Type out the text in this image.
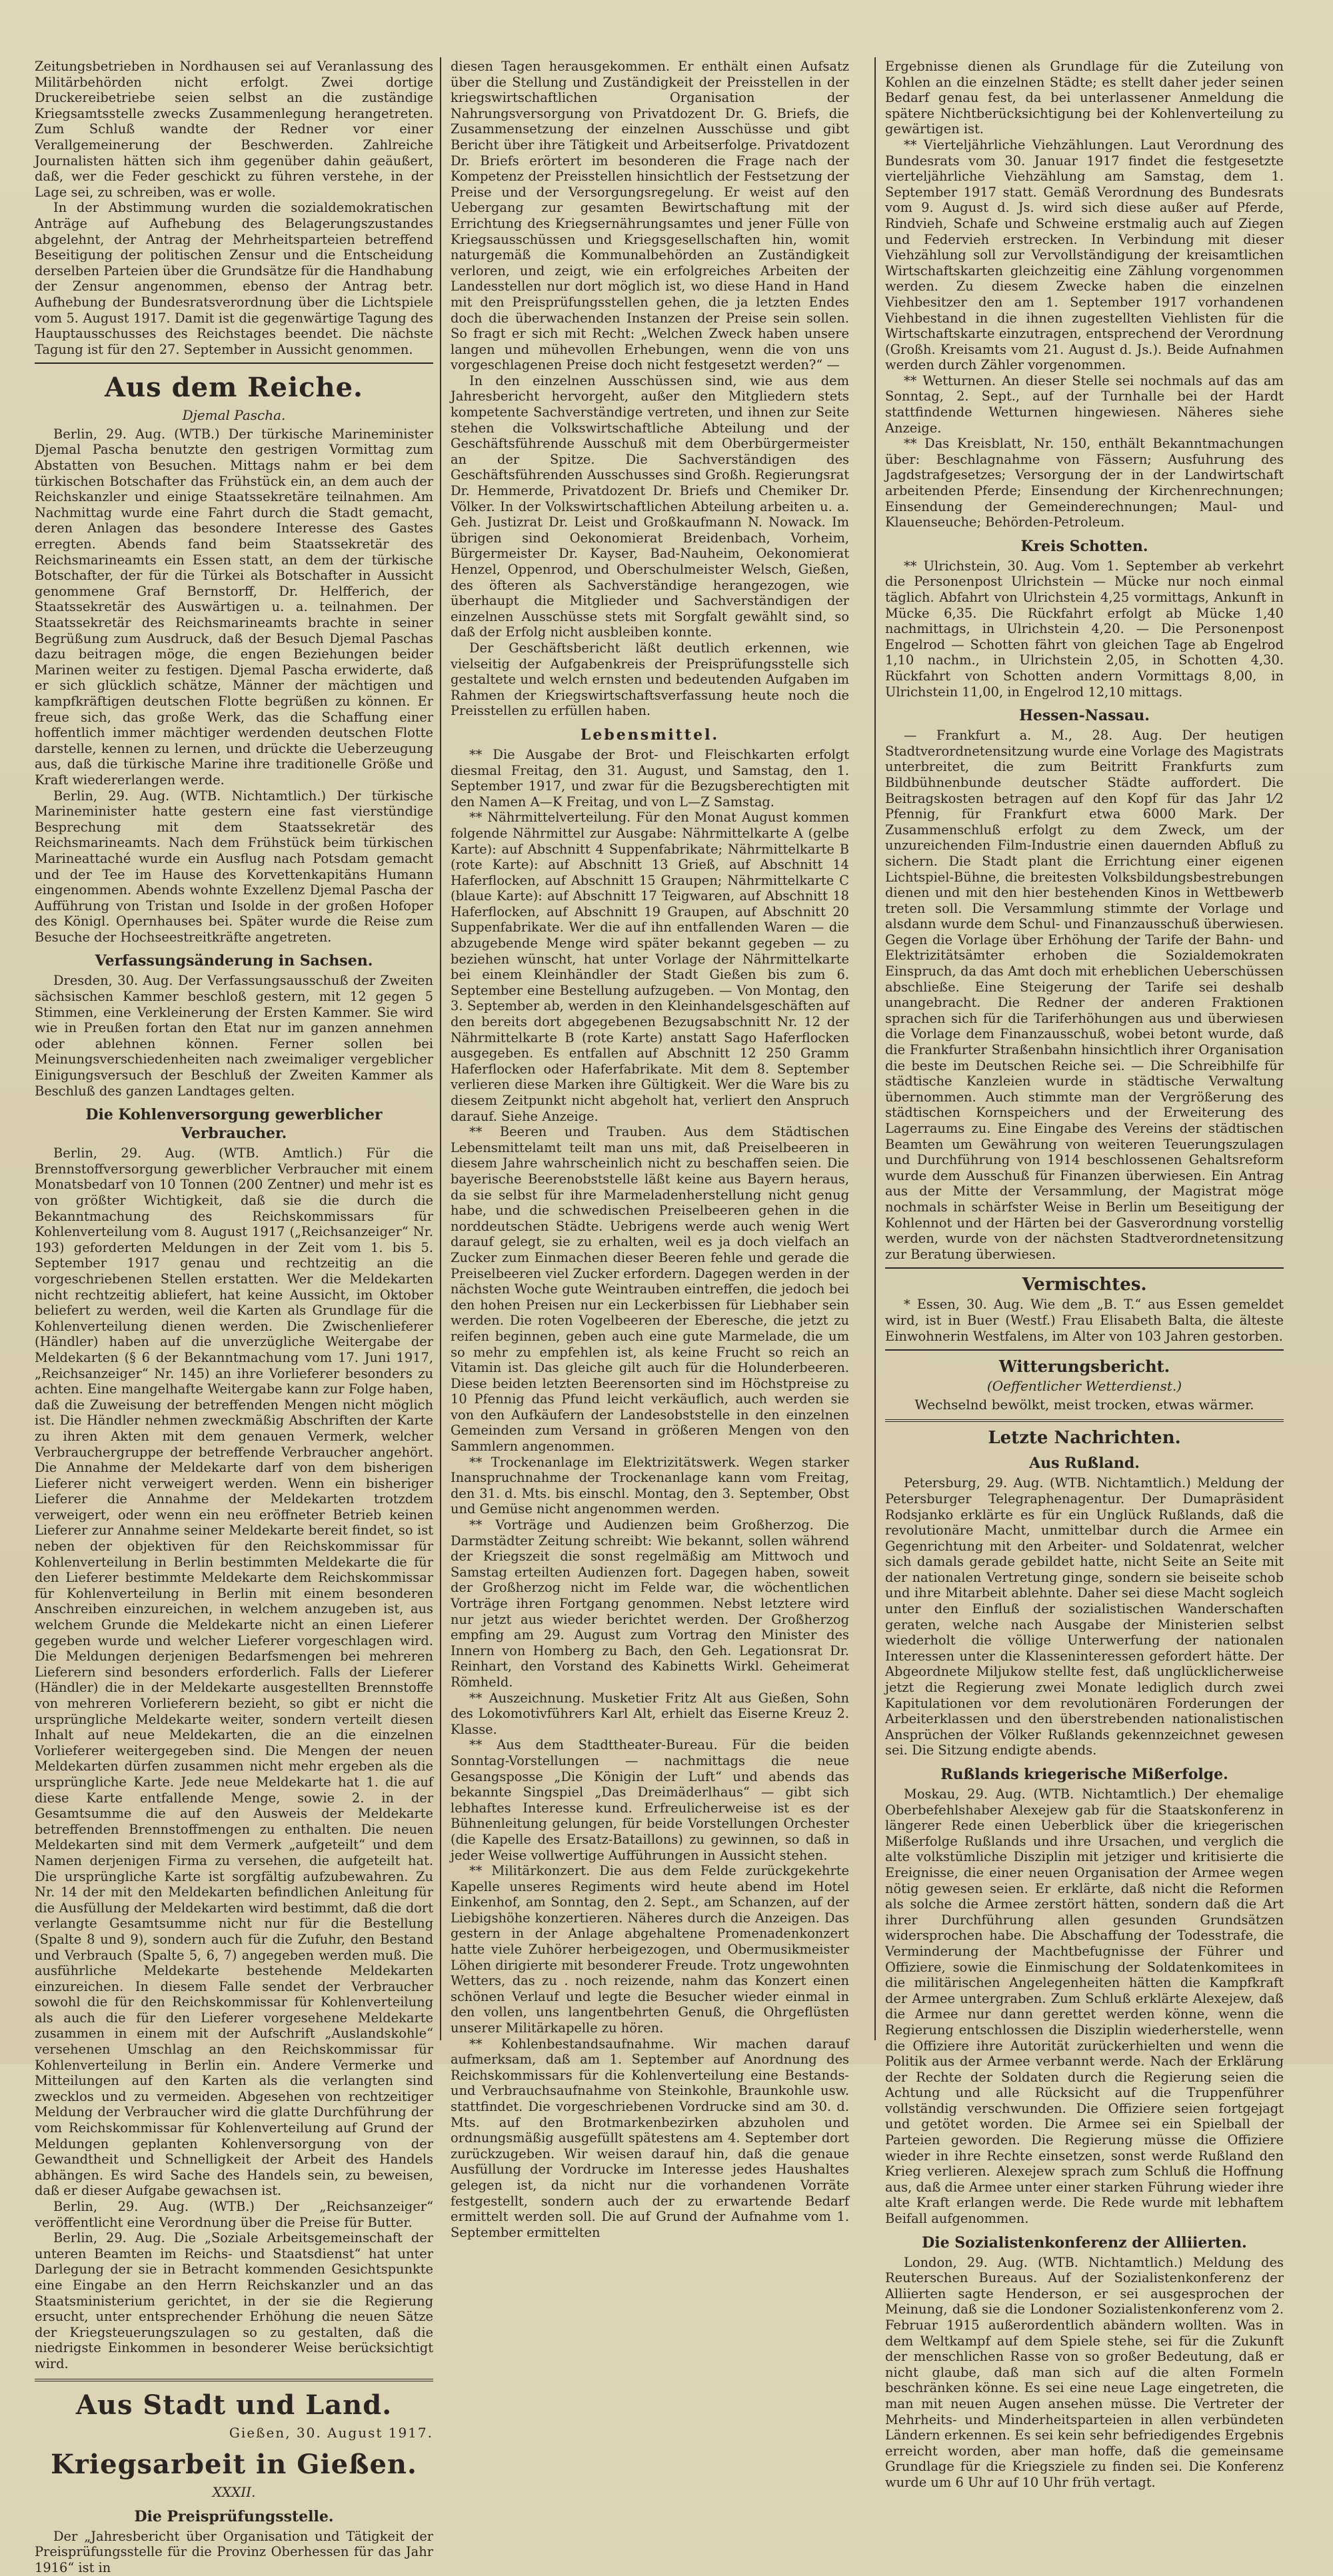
Zeitungsbetrieben in Nordhausen sei auf Veranlassung des Militärbehörden nicht erfolgt. Zwei dortige Druckereibetriebe seien selbst an die zuständige Kriegsamtsstelle zwecks Zusammenlegung herangetreten. Zum Schluß wandte der Redner vor einer Verallgemeinerung der Beschwerden. Zahlreiche Journalisten hätten sich ihm gegenüber dahin geäußert, daß, wer die Feder geschickt zu führen verstehe, in der Lage sei, zu schreiben, was er wolle.

In der Abstimmung wurden die sozialdemokratischen Anträge auf Aufhebung des Belagerungszustandes abgelehnt, der Antrag der Mehrheitsparteien betreffend Beseitigung der politischen Zensur und die Entscheidung derselben Parteien über die Grundsätze für die Handhabung der Zensur angenommen, ebenso der Antrag betr. Aufhebung der Bundesratsverordnung über die Lichtspiele vom 5. August 1917. Damit ist die gegenwärtige Tagung des Hauptausschusses des Reichstages beendet. Die nächste Tagung ist für den 27. September in Aussicht genommen.

Aus dem Reiche.
Djemal Pascha.

Berlin, 29. Aug. (WTB.) Der türkische Marineminister Djemal Pascha benutzte den gestrigen Vormittag zum Abstatten von Besuchen. Mittags nahm er bei dem türkischen Botschafter das Frühstück ein, an dem auch der Reichskanzler und einige Staatssekretäre teilnahmen. Am Nachmittag wurde eine Fahrt durch die Stadt gemacht, deren Anlagen das besondere Interesse des Gastes erregten. Abends fand beim Staatssekretär des Reichsmarineamts ein Essen statt, an dem der türkische Botschafter, der für die Türkei als Botschafter in Aussicht genommene Graf Bernstorff, Dr. Helfferich, der Staatssekretär des Auswärtigen u. a. teilnahmen. Der Staatssekretär des Reichsmarineamts brachte in seiner Begrüßung zum Ausdruck, daß der Besuch Djemal Paschas dazu beitragen möge, die engen Beziehungen beider Marinen weiter zu festigen. Djemal Pascha erwiderte, daß er sich glücklich schätze, Männer der mächtigen und kampfkräftigen deutschen Flotte begrüßen zu können. Er freue sich, das große Werk, das die Schaffung einer hoffentlich immer mächtiger werdenden deutschen Flotte darstelle, kennen zu lernen, und drückte die Ueberzeugung aus, daß die türkische Marine ihre traditionelle Größe und Kraft wiedererlangen werde.

Berlin, 29. Aug. (WTB. Nichtamtlich.) Der türkische Marineminister hatte gestern eine fast vierstündige Besprechung mit dem Staatssekretär des Reichsmarineamts. Nach dem Frühstück beim türkischen Marineattaché wurde ein Ausflug nach Potsdam gemacht und der Tee im Hause des Korvettenkapitäns Humann eingenommen. Abends wohnte Exzellenz Djemal Pascha der Aufführung von Tristan und Isolde in der großen Hofoper des Königl. Opernhauses bei. Später wurde die Reise zum Besuche der Hochseestreitkräfte angetreten.

Verfassungsänderung in Sachsen.

Dresden, 30. Aug. Der Verfassungsausschuß der Zweiten sächsischen Kammer beschloß gestern, mit 12 gegen 5 Stimmen, eine Verkleinerung der Ersten Kammer. Sie wird wie in Preußen fortan den Etat nur im ganzen annehmen oder ablehnen können. Ferner sollen bei Meinungsverschiedenheiten nach zweimaliger vergeblicher Einigungsversuch der Beschluß der Zweiten Kammer als Beschluß des ganzen Landtages gelten.

Die Kohlenversorgung gewerblicher Verbraucher.

Berlin, 29. Aug. (WTB. Amtlich.) Für die Brennstoffversorgung gewerblicher Verbraucher mit einem Monatsbedarf von 10 Tonnen (200 Zentner) und mehr ist es von größter Wichtigkeit, daß sie die durch die Bekanntmachung des Reichskommissars für Kohlenverteilung vom 8. August 1917 („Reichsanzeiger“ Nr. 193) geforderten Meldungen in der Zeit vom 1. bis 5. September 1917 genau und rechtzeitig an die vorgeschriebenen Stellen erstatten. Wer die Meldekarten nicht rechtzeitig abliefert, hat keine Aussicht, im Oktober beliefert zu werden, weil die Karten als Grundlage für die Kohlenverteilung dienen werden. Die Zwischenlieferer (Händler) haben auf die unverzügliche Weitergabe der Meldekarten (§ 6 der Bekanntmachung vom 17. Juni 1917, „Reichsanzeiger“ Nr. 145) an ihre Vorlieferer besonders zu achten. Eine mangelhafte Weitergabe kann zur Folge haben, daß die Zuweisung der betreffenden Mengen nicht möglich ist. Die Händler nehmen zweckmäßig Abschriften der Karte zu ihren Akten mit dem genauen Vermerk, welcher Verbrauchergruppe der betreffende Verbraucher angehört. Die Annahme der Meldekarte darf von dem bisherigen Lieferer nicht verweigert werden. Wenn ein bisheriger Lieferer die Annahme der Meldekarten trotzdem verweigert, oder wenn ein neu eröffneter Betrieb keinen Lieferer zur Annahme seiner Meldekarte bereit findet, so ist neben der objektiven für den Reichskommissar für Kohlenverteilung in Berlin bestimmten Meldekarte die für den Lieferer bestimmte Meldekarte dem Reichskommissar für Kohlenverteilung in Berlin mit einem besonderen Anschreiben einzureichen, in welchem anzugeben ist, aus welchem Grunde die Meldekarte nicht an einen Lieferer gegeben wurde und welcher Lieferer vorgeschlagen wird. Die Meldungen derjenigen Bedarfsmengen bei mehreren Lieferern sind besonders erforderlich. Falls der Lieferer (Händler) die in der Meldekarte ausgestellten Brennstoffe von mehreren Vorlieferern bezieht, so gibt er nicht die ursprüngliche Meldekarte weiter, sondern verteilt diesen Inhalt auf neue Meldekarten, die an die einzelnen Vorlieferer weitergegeben sind. Die Mengen der neuen Meldekarten dürfen zusammen nicht mehr ergeben als die ursprüngliche Karte. Jede neue Meldekarte hat 1. die auf diese Karte entfallende Menge, sowie 2. in der Gesamtsumme die auf den Ausweis der Meldekarte betreffenden Brennstoffmengen zu enthalten. Die neuen Meldekarten sind mit dem Vermerk „aufgeteilt“ und dem Namen derjenigen Firma zu versehen, die aufgeteilt hat. Die ursprüngliche Karte ist sorgfältig aufzubewahren. Zu Nr. 14 der mit den Meldekarten befindlichen Anleitung für die Ausfüllung der Meldekarten wird bestimmt, daß die dort verlangte Gesamtsumme nicht nur für die Bestellung (Spalte 8 und 9), sondern auch für die Zufuhr, den Bestand und Verbrauch (Spalte 5, 6, 7) angegeben werden muß. Die ausführliche Meldekarte bestehende Meldekarten einzureichen. In diesem Falle sendet der Verbraucher sowohl die für den Reichskommissar für Kohlenverteilung als auch die für den Lieferer vorgesehene Meldekarte zusammen in einem mit der Aufschrift „Auslandskohle“ versehenen Umschlag an den Reichskommissar für Kohlenverteilung in Berlin ein. Andere Vermerke und Mitteilungen auf den Karten als die verlangten sind zwecklos und zu vermeiden. Abgesehen von rechtzeitiger Meldung der Verbraucher wird die glatte Durchführung der vom Reichskommissar für Kohlenverteilung auf Grund der Meldungen geplanten Kohlenversorgung von der Gewandtheit und Schnelligkeit der Arbeit des Handels abhängen. Es wird Sache des Handels sein, zu beweisen, daß er dieser Aufgabe gewachsen ist.

Berlin, 29. Aug. (WTB.) Der „Reichsanzeiger“ veröffentlicht eine Verordnung über die Preise für Butter.

Berlin, 29. Aug. Die „Soziale Arbeitsgemeinschaft der unteren Beamten im Reichs- und Staatsdienst“ hat unter Darlegung der sie in Betracht kommenden Gesichtspunkte eine Eingabe an den Herrn Reichskanzler und an das Staatsministerium gerichtet, in der sie die Regierung ersucht, unter entsprechender Erhöhung die neuen Sätze der Kriegsteuerungszulagen so zu gestalten, daß die niedrigste Einkommen in besonderer Weise berücksichtigt wird.

Aus Stadt und Land.
Gießen, 30. August 1917.
Kriegsarbeit in Gießen.
XXXII.
Die Preisprüfungsstelle.

Der „Jahresbericht über Organisation und Tätigkeit der Preisprüfungsstelle für die Provinz Oberhessen für das Jahr 1916“ ist in

diesen Tagen herausgekommen. Er enthält einen Aufsatz über die Stellung und Zuständigkeit der Preisstellen in der kriegswirtschaftlichen Organisation der Nahrungsversorgung von Privatdozent Dr. G. Briefs, die Zusammensetzung der einzelnen Ausschüsse und gibt Bericht über ihre Tätigkeit und Arbeitserfolge. Privatdozent Dr. Briefs erörtert im besonderen die Frage nach der Kompetenz der Preisstellen hinsichtlich der Festsetzung der Preise und der Versorgungsregelung. Er weist auf den Uebergang zur gesamten Bewirtschaftung mit der Errichtung des Kriegsernährungsamtes und jener Fülle von Kriegsausschüssen und Kriegsgesellschaften hin, womit naturgemäß die Kommunalbehörden an Zuständigkeit verloren, und zeigt, wie ein erfolgreiches Arbeiten der Landesstellen nur dort möglich ist, wo diese Hand in Hand mit den Preisprüfungsstellen gehen, die ja letzten Endes doch die überwachenden Instanzen der Preise sein sollen. So fragt er sich mit Recht: „Welchen Zweck haben unsere langen und mühevollen Erhebungen, wenn die von uns vorgeschlagenen Preise doch nicht festgesetzt werden?“ —

In den einzelnen Ausschüssen sind, wie aus dem Jahresbericht hervorgeht, außer den Mitgliedern stets kompetente Sachverständige vertreten, und ihnen zur Seite stehen die Volkswirtschaftliche Abteilung und der Geschäftsführende Ausschuß mit dem Oberbürgermeister an der Spitze. Die Sachverständigen des Geschäftsführenden Ausschusses sind Großh. Regierungsrat Dr. Hemmerde, Privatdozent Dr. Briefs und Chemiker Dr. Völker. In der Volkswirtschaftlichen Abteilung arbeiten u. a. Geh. Justizrat Dr. Leist und Großkaufmann N. Nowack. Im übrigen sind Oekonomierat Breidenbach, Vorheim, Bürgermeister Dr. Kayser, Bad-Nauheim, Oekonomierat Henzel, Oppenrod, und Oberschulmeister Welsch, Gießen, des öfteren als Sachverständige herangezogen, wie überhaupt die Mitglieder und Sachverständigen der einzelnen Ausschüsse stets mit Sorgfalt gewählt sind, so daß der Erfolg nicht ausbleiben konnte.

Der Geschäftsbericht läßt deutlich erkennen, wie vielseitig der Aufgabenkreis der Preisprüfungsstelle sich gestaltete und welch ernsten und bedeutenden Aufgaben im Rahmen der Kriegswirtschaftsverfassung heute noch die Preisstellen zu erfüllen haben.

Lebensmittel.

** Die Ausgabe der Brot- und Fleischkarten erfolgt diesmal Freitag, den 31. August, und Samstag, den 1. September 1917, und zwar für die Bezugsberechtigten mit den Namen A—K Freitag, und von L—Z Samstag.

** Nährmittelverteilung. Für den Monat August kommen folgende Nährmittel zur Ausgabe: Nährmittelkarte A (gelbe Karte): auf Abschnitt 4 Suppenfabrikate; Nährmittelkarte B (rote Karte): auf Abschnitt 13 Grieß, auf Abschnitt 14 Haferflocken, auf Abschnitt 15 Graupen; Nährmittelkarte C (blaue Karte): auf Abschnitt 17 Teigwaren, auf Abschnitt 18 Haferflocken, auf Abschnitt 19 Graupen, auf Abschnitt 20 Suppenfabrikate. Wer die auf ihn entfallenden Waren — die abzugebende Menge wird später bekannt gegeben — zu beziehen wünscht, hat unter Vorlage der Nährmittelkarte bei einem Kleinhändler der Stadt Gießen bis zum 6. September eine Bestellung aufzugeben. — Von Montag, den 3. September ab, werden in den Kleinhandelsgeschäften auf den bereits dort abgegebenen Bezugsabschnitt Nr. 12 der Nährmittelkarte B (rote Karte) anstatt Sago Haferflocken ausgegeben. Es entfallen auf Abschnitt 12 250 Gramm Haferflocken oder Haferfabrikate. Mit dem 8. September verlieren diese Marken ihre Gültigkeit. Wer die Ware bis zu diesem Zeitpunkt nicht abgeholt hat, verliert den Anspruch darauf. Siehe Anzeige.

** Beeren und Trauben. Aus dem Städtischen Lebensmittelamt teilt man uns mit, daß Preiselbeeren in diesem Jahre wahrscheinlich nicht zu beschaffen seien. Die bayerische Beerenobststelle läßt keine aus Bayern heraus, da sie selbst für ihre Marmeladenherstellung nicht genug habe, und die schwedischen Preiselbeeren gehen in die norddeutschen Städte. Uebrigens werde auch wenig Wert darauf gelegt, sie zu erhalten, weil es ja doch vielfach an Zucker zum Einmachen dieser Beeren fehle und gerade die Preiselbeeren viel Zucker erfordern. Dagegen werden in der nächsten Woche gute Weintrauben eintreffen, die jedoch bei den hohen Preisen nur ein Leckerbissen für Liebhaber sein werden. Die roten Vogelbeeren der Eberesche, die jetzt zu reifen beginnen, geben auch eine gute Marmelade, die um so mehr zu empfehlen ist, als keine Frucht so reich an Vitamin ist. Das gleiche gilt auch für die Holunderbeeren. Diese beiden letzten Beerensorten sind im Höchstpreise zu 10 Pfennig das Pfund leicht verkäuflich, auch werden sie von den Aufkäufern der Landesobststelle in den einzelnen Gemeinden zum Versand in größeren Mengen von den Sammlern angenommen.

** Trockenanlage im Elektrizitätswerk. Wegen starker Inanspruchnahme der Trockenanlage kann vom Freitag, den 31. d. Mts. bis einschl. Montag, den 3. September, Obst und Gemüse nicht angenommen werden.

** Vorträge und Audienzen beim Großherzog. Die Darmstädter Zeitung schreibt: Wie bekannt, sollen während der Kriegszeit die sonst regelmäßig am Mittwoch und Samstag erteilten Audienzen fort. Dagegen haben, soweit der Großherzog nicht im Felde war, die wöchentlichen Vorträge ihren Fortgang genommen. Nebst letztere wird nur jetzt aus wieder berichtet werden. Der Großherzog empfing am 29. August zum Vortrag den Minister des Innern von Homberg zu Bach, den Geh. Legationsrat Dr. Reinhart, den Vorstand des Kabinetts Wirkl. Geheimerat Römheld.

** Auszeichnung. Musketier Fritz Alt aus Gießen, Sohn des Lokomotivführers Karl Alt, erhielt das Eiserne Kreuz 2. Klasse.

** Aus dem Stadttheater-Bureau. Für die beiden Sonntag-Vorstellungen — nachmittags die neue Gesangsposse „Die Königin der Luft“ und abends das bekannte Singspiel „Das Dreimäderlhaus“ — gibt sich lebhaftes Interesse kund. Erfreulicherweise ist es der Bühnenleitung gelungen, für beide Vorstellungen Orchester (die Kapelle des Ersatz-Bataillons) zu gewinnen, so daß in jeder Weise vollwertige Aufführungen in Aussicht stehen.

** Militärkonzert. Die aus dem Felde zurückgekehrte Kapelle unseres Regiments wird heute abend im Hotel Einkenhof, am Sonntag, den 2. Sept., am Schanzen, auf der Liebigshöhe konzertieren. Näheres durch die Anzeigen. Das gestern in der Anlage abgehaltene Promenadenkonzert hatte viele Zuhörer herbeigezogen, und Obermusikmeister Löhen dirigierte mit besonderer Freude. Trotz ungewohnten Wetters, das zu . noch reizende, nahm das Konzert einen schönen Verlauf und legte die Besucher wieder einmal in den vollen, uns langentbehrten Genuß, die Ohrgeflüsten unserer Militärkapelle zu hören.

** Kohlenbestandsaufnahme. Wir machen darauf aufmerksam, daß am 1. September auf Anordnung des Reichskommissars für die Kohlenverteilung eine Bestands- und Verbrauchsaufnahme von Steinkohle, Braunkohle usw. stattfindet. Die vorgeschriebenen Vordrucke sind am 30. d. Mts. auf den Brotmarkenbezirken abzuholen und ordnungsmäßig ausgefüllt spätestens am 4. September dort zurückzugeben. Wir weisen darauf hin, daß die genaue Ausfüllung der Vordrucke im Interesse jedes Haushaltes gelegen ist, da nicht nur die vorhandenen Vorräte festgestellt, sondern auch der zu erwartende Bedarf ermittelt werden soll. Die auf Grund der Aufnahme vom 1. September ermittelten

Ergebnisse dienen als Grundlage für die Zuteilung von Kohlen an die einzelnen Städte; es stellt daher jeder seinen Bedarf genau fest, da bei unterlassener Anmeldung die spätere Nichtberücksichtigung bei der Kohlenverteilung zu gewärtigen ist.

** Vierteljährliche Viehzählungen. Laut Verordnung des Bundesrats vom 30. Januar 1917 findet die festgesetzte vierteljährliche Viehzählung am Samstag, dem 1. September 1917 statt. Gemäß Verordnung des Bundesrats vom 9. August d. Js. wird sich diese außer auf Pferde, Rindvieh, Schafe und Schweine erstmalig auch auf Ziegen und Federvieh erstrecken. In Verbindung mit dieser Viehzählung soll zur Vervollständigung der kreisamtlichen Wirtschaftskarten gleichzeitig eine Zählung vorgenommen werden. Zu diesem Zwecke haben die einzelnen Viehbesitzer den am 1. September 1917 vorhandenen Viehbestand in die ihnen zugestellten Viehlisten für die Wirtschaftskarte einzutragen, entsprechend der Verordnung (Großh. Kreisamts vom 21. August d. Js.). Beide Aufnahmen werden durch Zähler vorgenommen.

** Wetturnen. An dieser Stelle sei nochmals auf das am Sonntag, 2. Sept., auf der Turnhalle bei der Hardt stattfindende Wetturnen hingewiesen. Näheres siehe Anzeige.

** Das Kreisblatt, Nr. 150, enthält Bekanntmachungen über: Beschlagnahme von Fässern; Ausfuhrung des Jagdstrafgesetzes; Versorgung der in der Landwirtschaft arbeitenden Pferde; Einsendung der Kirchenrechnungen; Einsendung der Gemeinderechnungen; Maul- und Klauenseuche; Behörden-Petroleum.

Kreis Schotten.

** Ulrichstein, 30. Aug. Vom 1. September ab verkehrt die Personenpost Ulrichstein — Mücke nur noch einmal täglich. Abfahrt von Ulrichstein 4,25 vormittags, Ankunft in Mücke 6,35. Die Rückfahrt erfolgt ab Mücke 1,40 nachmittags, in Ulrichstein 4,20. — Die Personenpost Engelrod — Schotten fährt von gleichen Tage ab Engelrod 1,10 nachm., in Ulrichstein 2,05, in Schotten 4,30. Rückfahrt von Schotten andern Vormittags 8,00, in Ulrichstein 11,00, in Engelrod 12,10 mittags.

Hessen-Nassau.

— Frankfurt a. M., 28. Aug. Der heutigen Stadtverordnetensitzung wurde eine Vorlage des Magistrats unterbreitet, die zum Beitritt Frankfurts zum Bildbühnenbunde deutscher Städte auffordert. Die Beitragskosten betragen auf den Kopf für das Jahr 1⁄2 Pfennig, für Frankfurt etwa 6000 Mark. Der Zusammenschluß erfolgt zu dem Zweck, um der unzureichenden Film-Industrie einen dauernden Abfluß zu sichern. Die Stadt plant die Errichtung einer eigenen Lichtspiel-Bühne, die breitesten Volksbildungsbestrebungen dienen und mit den hier bestehenden Kinos in Wettbewerb treten soll. Die Versammlung stimmte der Vorlage und alsdann wurde dem Schul- und Finanzausschuß überwiesen. Gegen die Vorlage über Erhöhung der Tarife der Bahn- und Elektrizitätsämter erhoben die Sozialdemokraten Einspruch, da das Amt doch mit erheblichen Ueberschüssen abschließe. Eine Steigerung der Tarife sei deshalb unangebracht. Die Redner der anderen Fraktionen sprachen sich für die Tariferhöhungen aus und überwiesen die Vorlage dem Finanzausschuß, wobei betont wurde, daß die Frankfurter Straßenbahn hinsichtlich ihrer Organisation die beste im Deutschen Reiche sei. — Die Schreibhilfe für städtische Kanzleien wurde in städtische Verwaltung übernommen. Auch stimmte man der Vergrößerung des städtischen Kornspeichers und der Erweiterung des Lagerraums zu. Eine Eingabe des Vereins der städtischen Beamten um Gewährung von weiteren Teuerungszulagen und Durchführung von 1914 beschlossenen Gehaltsreform wurde dem Ausschuß für Finanzen überwiesen. Ein Antrag aus der Mitte der Versammlung, der Magistrat möge nochmals in schärfster Weise in Berlin um Beseitigung der Kohlennot und der Härten bei der Gasverordnung vorstellig werden, wurde von der nächsten Stadtverordnetensitzung zur Beratung überwiesen.

Vermischtes.

* Essen, 30. Aug. Wie dem „B. T.“ aus Essen gemeldet wird, ist in Buer (Westf.) Frau Elisabeth Balta, die älteste Einwohnerin Westfalens, im Alter von 103 Jahren gestorben.

Witterungsbericht.
(Oeffentlicher Wetterdienst.)
Wechselnd bewölkt, meist trocken, etwas wärmer.
Letzte Nachrichten.
Aus Rußland.

Petersburg, 29. Aug. (WTB. Nichtamtlich.) Meldung der Petersburger Telegraphenagentur. Der Dumapräsident Rodsjanko erklärte es für ein Unglück Rußlands, daß die revolutionäre Macht, unmittelbar durch die Armee ein Gegenrichtung mit den Arbeiter- und Soldatenrat, welcher sich damals gerade gebildet hatte, nicht Seite an Seite mit der nationalen Vertretung ginge, sondern sie beiseite schob und ihre Mitarbeit ablehnte. Daher sei diese Macht sogleich unter den Einfluß der sozialistischen Wanderschaften geraten, welche nach Ausgabe der Ministerien selbst wiederholt die völlige Unterwerfung der nationalen Interessen unter die Klasseninteressen gefordert hätte. Der Abgeordnete Miljukow stellte fest, daß unglücklicherweise jetzt die Regierung zwei Monate lediglich durch zwei Kapitulationen vor dem revolutionären Forderungen der Arbeiterklassen und den überstrebenden nationalistischen Ansprüchen der Völker Rußlands gekennzeichnet gewesen sei. Die Sitzung endigte abends.

Rußlands kriegerische Mißerfolge.

Moskau, 29. Aug. (WTB. Nichtamtlich.) Der ehemalige Oberbefehlshaber Alexejew gab für die Staatskonferenz in längerer Rede einen Ueberblick über die kriegerischen Mißerfolge Rußlands und ihre Ursachen, und verglich die alte volkstümliche Disziplin mit jetziger und kritisierte die Ereignisse, die einer neuen Organisation der Armee wegen nötig gewesen seien. Er erklärte, daß nicht die Reformen als solche die Armee zerstört hätten, sondern daß die Art ihrer Durchführung allen gesunden Grundsätzen widersprochen habe. Die Abschaffung der Todesstrafe, die Verminderung der Machtbefugnisse der Führer und Offiziere, sowie die Einmischung der Soldatenkomitees in die militärischen Angelegenheiten hätten die Kampfkraft der Armee untergraben. Zum Schluß erklärte Alexejew, daß die Armee nur dann gerettet werden könne, wenn die Regierung entschlossen die Disziplin wiederherstelle, wenn die Offiziere ihre Autorität zurückerhielten und wenn die Politik aus der Armee verbannt werde. Nach der Erklärung der Rechte der Soldaten durch die Regierung seien die Achtung und alle Rücksicht auf die Truppenführer vollständig verschwunden. Die Offiziere seien fortgejagt und getötet worden. Die Armee sei ein Spielball der Parteien geworden. Die Regierung müsse die Offiziere wieder in ihre Rechte einsetzen, sonst werde Rußland den Krieg verlieren. Alexejew sprach zum Schluß die Hoffnung aus, daß die Armee unter einer starken Führung wieder ihre alte Kraft erlangen werde. Die Rede wurde mit lebhaftem Beifall aufgenommen.

Die Sozialistenkonferenz der Alliierten.

London, 29. Aug. (WTB. Nichtamtlich.) Meldung des Reuterschen Bureaus. Auf der Sozialistenkonferenz der Alliierten sagte Henderson, er sei ausgesprochen der Meinung, daß sie die Londoner Sozialistenkonferenz vom 2. Februar 1915 außerordentlich abändern wollten. Was in dem Weltkampf auf dem Spiele stehe, sei für die Zukunft der menschlichen Rasse von so großer Bedeutung, daß er nicht glaube, daß man sich auf die alten Formeln beschränken könne. Es sei eine neue Lage eingetreten, die man mit neuen Augen ansehen müsse. Die Vertreter der Mehrheits- und Minderheitsparteien in allen verbündeten Ländern erkennen. Es sei kein sehr befriedigendes Ergebnis erreicht worden, aber man hoffe, daß die gemeinsame Grundlage für die Kriegsziele zu finden sei. Die Konferenz wurde um 6 Uhr auf 10 Uhr früh vertagt.
